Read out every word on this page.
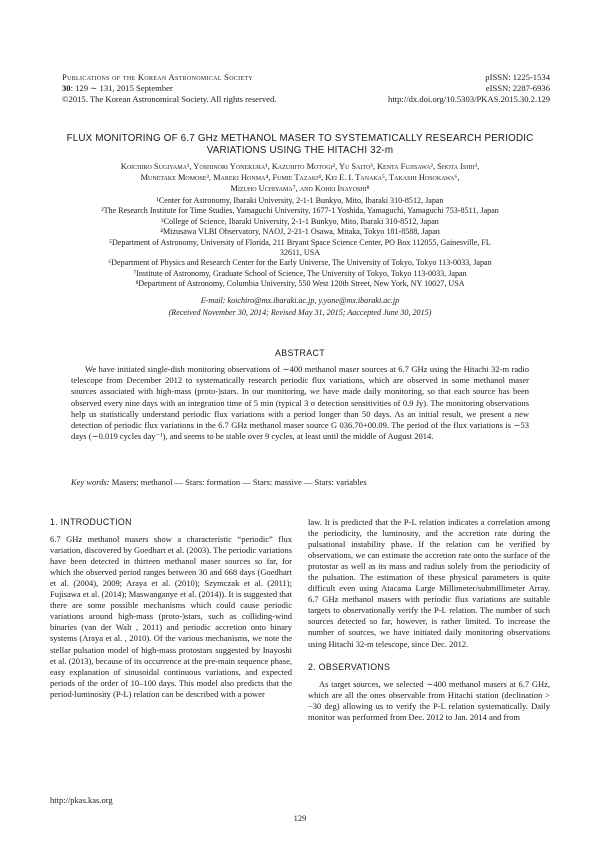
Publications of the Korean Astronomical Society
30: 129 ∼ 131, 2015 September
©2015. The Korean Astronomical Society. All rights reserved.
pISSN: 1225-1534
eISSN: 2287-6936
http://dx.doi.org/10.5303/PKAS.2015.30.2.129
FLUX MONITORING OF 6.7 GHz METHANOL MASER TO SYSTEMATICALLY RESEARCH PERIODIC
VARIATIONS USING THE HITACHI 32-m
Koichiro Sugiyama¹, Yoshinori Yonekura¹, Kazuhito Motogi², Yu Saito³, Kenta Fujisawa², Shota Ishii³,
Munetake Momose³, Mareki Honma⁴, Fumie Tazaki⁴, Kei E. I. Tanaka⁵, Takashi Hosokawa⁶,
Mizuho Uchiyama⁷, and Kohei Inayoshi⁸
¹Center for Astronomy, Ibaraki University, 2-1-1 Bunkyo, Mito, Ibaraki 310-8512, Japan
²The Research Institute for Time Studies, Yamaguchi University, 1677-1 Yoshida, Yamaguchi, Yamaguchi 753-8511, Japan
³College of Science, Ibaraki University, 2-1-1 Bunkyo, Mito, Ibaraki 310-8512, Japan
⁴Mizusawa VLBI Observatory, NAOJ, 2-21-1 Osawa, Mitaka, Tokyo 181-8588, Japan
⁵Department of Astronomy, University of Florida, 211 Bryant Space Science Center, PO Box 112055, Gainesville, FL
32611, USA
⁶Department of Physics and Research Center for the Early Universe, The University of Tokyo, Tokyo 113-0033, Japan
⁷Institute of Astronomy, Graduate School of Science, The University of Tokyo, Tokyo 113-0033, Japan
⁸Department of Astronomy, Columbia University, 550 West 120th Street, New York, NY 10027, USA
E-mail: koichiro@mx.ibaraki.ac.jp, y.yone@mx.ibaraki.ac.jp
(Received November 30, 2014; Revised May 31, 2015; Aaccepted June 30, 2015)
ABSTRACT
We have initiated single-dish monitoring observations of ∼400 methanol maser sources at 6.7 GHz using the Hitachi 32-m radio telescope from December 2012 to systematically research periodic flux variations, which are observed in some methanol maser sources associated with high-mass (proto-)stars. In our monitoring, we have made daily monitoring, so that each source has been observed every nine days with an integration time of 5 min (typical 3 σ detection sensitivities of 0.9 Jy). The monitoring observations help us statistically understand periodic flux variations with a period longer than 50 days. As an initial result, we present a new detection of periodic flux variations in the 6.7 GHz methanol maser source G 036.70+00.09. The period of the flux variations is ∼53 days (∼0.019 cycles day⁻¹), and seems to be stable over 9 cycles, at least until the middle of August 2014.
Key words: Masers: methanol — Stars: formation — Stars: massive — Stars: variables
1. INTRODUCTION

6.7 GHz methanol masers show a characteristic “periodic” flux variation, discovered by Goedhart et al. (2003). The periodic variations have been detected in thirteen methanol maser sources so far, for which the observed period ranges between 30 and 668 days (Goedhart et al. (2004), 2009; Araya et al. (2010); Szymczak et al. (2011); Fujisawa et al. (2014); Maswanganye et al. (2014)). It is suggested that there are some possible mechanisms which could cause periodic variations around high-mass (proto-)stars, such as colliding-wind binaries (van der Walt , 2011) and periodic accretion onto binary systems (Araya et al. , 2010). Of the various mechanisms, we note the stellar pulsation model of high-mass protostars suggested by Inayoshi et al. (2013), because of its occurrence at the pre-main sequence phase, easy explanation of sinusoidal continuous variations, and expected periods of the order of 10–100 days. This model also predicts that the period-luminosity (P-L) relation can be described with a power

law. It is predicted that the P-L relation indicates a correlation among the periodicity, the luminosity, and the accretion rate during the pulsational instability phase. If the relation can be verified by observations, we can estimate the accretion rate onto the surface of the protostar as well as its mass and radius solely from the periodicity of the pulsation. The estimation of these physical parameters is quite difficult even using Atacama Large Millimeter/submillimeter Array. 6.7 GHz methanol masers with periodic flux variations are suitable targets to observationally verify the P-L relation. The number of such sources detected so far, however, is rather limited. To increase the number of sources, we have initiated daily monitoring observations using Hitachi 32-m telescope, since Dec. 2012.

2. OBSERVATIONS

As target sources, we selected ∼400 methanol masers at 6.7 GHz, which are all the ones observable from Hitachi station (declination > −30 deg) allowing us to verify the P-L relation systematically. Daily monitor was performed from Dec. 2012 to Jan. 2014 and from

http://pkas.kas.org
129
